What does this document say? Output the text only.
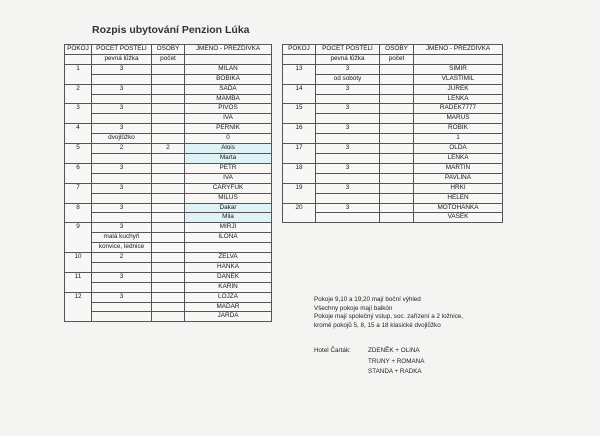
Rozpis ubytování Penzion Lúka
POKOJ	POČET POSTELÍ	OSOBY	JMÉNO - PŘEZDÍVKA
	pevná lůžka	počet	
1	3		MILAN
			BOBIKA
2	3		SAĎA
			MAMBA
3	3		PIVOŠ
			IVA
4	3		PERNÍK
	dvojlůžko		0
5	2	2	Alois
			Marta
6	3		PETR
			IVA
7	3		ČÁRYFUK
			MILUŠ
8	3		Dakar
			Mila
9	3		MIRJI
	malá kuchyň		ILONA
	konvice, lednice		
10	2		ŽELVA
			HANKA
11	3		DANEK
			KARIN
12	3		LOJZA
			MAĎAR
			JARDA
POKOJ	POČET POSTELÍ	OSOBY	JMÉNO - PŘEZDÍVKA
	pevná lůžka	počet	
13	3		SIMIR
	od soboty		VLASTIMIL
14	3		JUREK
			LENKA
15	3		RADEK7777
			MARUŠ
16	3		ROBÍK
			1
17	3		OLDA
			LENKA
18	3		MARTIN
			PAVLÍNA
19	3		HRKI
			HELEN
20	3		MOTOHANKA
			VAŠEK
Pokoje 9,10 a 19,20 mají boční výhled
Všechny pokoje mají balkón
Pokoje mají společný vstup, soc. zařízení a 2 ložnice,
kromě pokojů 5, 8, 15 a 18 klasické dvojlůžko
Hotel Čarták:	ZDENĚK + OLINA
TRUNY + ROMANA
STANDA + RADKA
